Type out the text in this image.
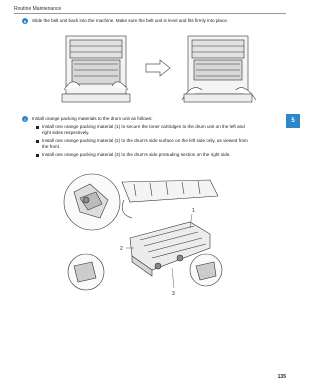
Routine Maintenance
5
h	Slide the belt unit back into the machine. Make sure the belt unit is level and fits firmly into place.
i	Install orange packing materials to the drum unit as follows:
Install one orange packing material (1) to secure the toner cartridges to the drum unit on the left and
right sides respectively.
Install one orange packing material (2) to the drum's side surface on the left side only, as viewed from
the front.
Install one orange packing material (3) to the drum's side protruding section on the right side.
1
2
3
135
